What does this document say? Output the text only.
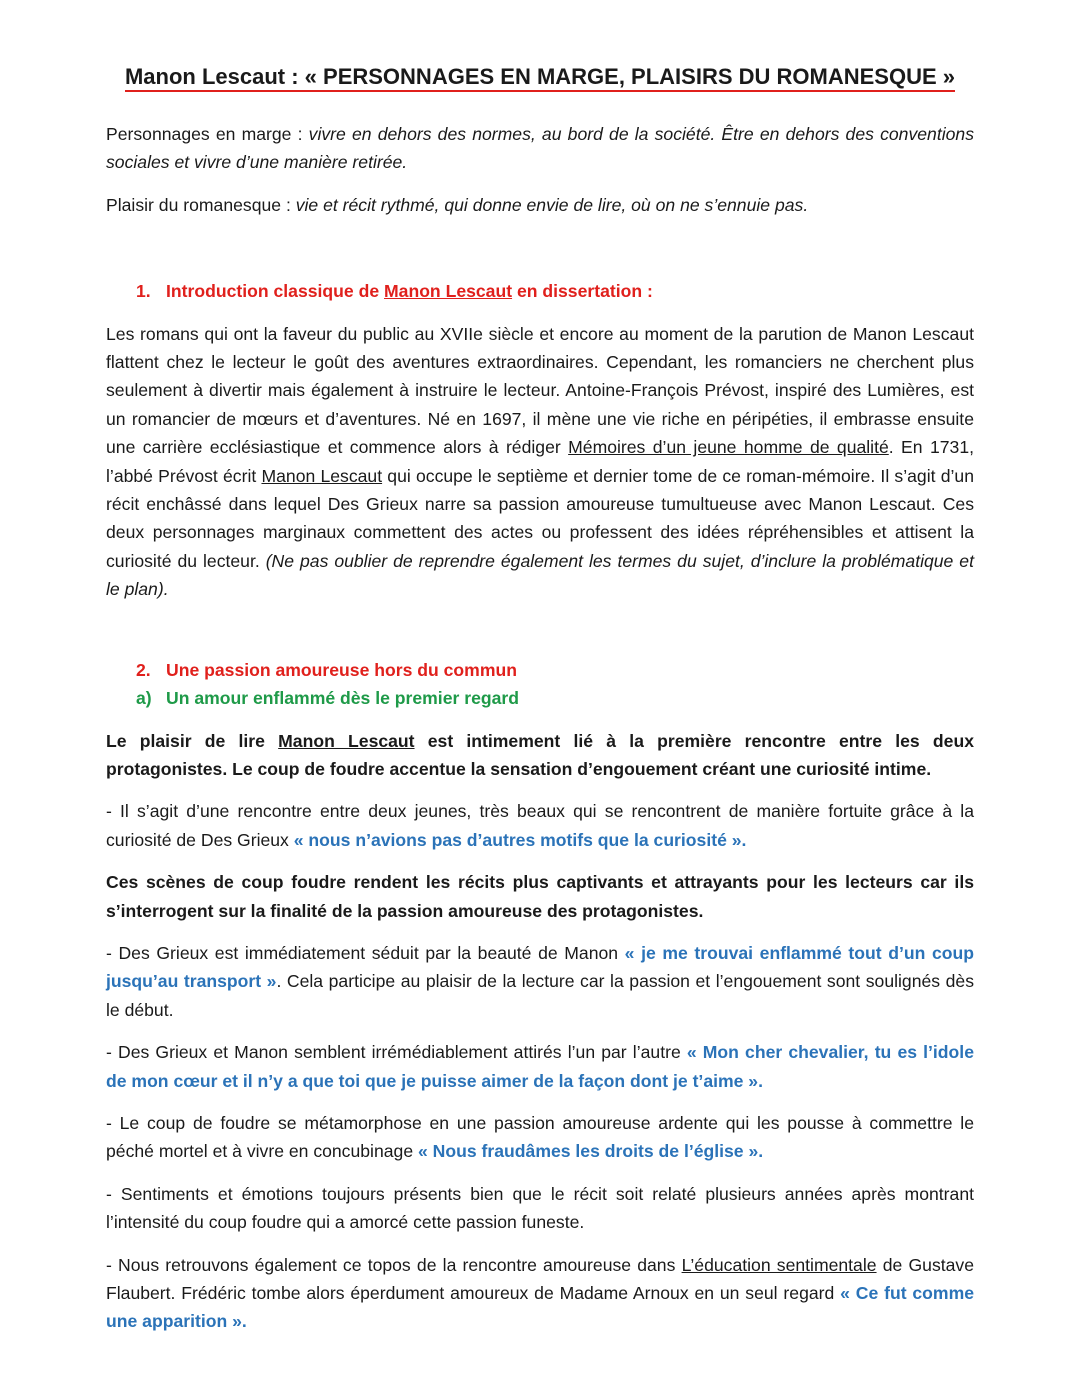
Manon Lescaut : « PERSONNAGES EN MARGE, PLAISIRS DU ROMANESQUE »

Personnages en marge : vivre en dehors des normes, au bord de la société. Être en dehors des conventions sociales et vivre d’une manière retirée.

Plaisir du romanesque : vie et récit rythmé, qui donne envie de lire, où on ne s’ennuie pas.

1. Introduction classique de Manon Lescaut en dissertation :

Les romans qui ont la faveur du public au XVIIe siècle et encore au moment de la parution de Manon Lescaut flattent chez le lecteur le goût des aventures extraordinaires. Cependant, les romanciers ne cherchent plus seulement à divertir mais également à instruire le lecteur. Antoine-François Prévost, inspiré des Lumières, est un romancier de mœurs et d’aventures. Né en 1697, il mène une vie riche en péripéties, il embrasse ensuite une carrière ecclésiastique et commence alors à rédiger Mémoires d’un jeune homme de qualité. En 1731, l’abbé Prévost écrit Manon Lescaut qui occupe le septième et dernier tome de ce roman-mémoire. Il s’agit d’un récit enchâssé dans lequel Des Grieux narre sa passion amoureuse tumultueuse avec Manon Lescaut. Ces deux personnages marginaux commettent des actes ou professent des idées répréhensibles et attisent la curiosité du lecteur. (Ne pas oublier de reprendre également les termes du sujet, d’inclure la problématique et le plan).

2. Une passion amoureuse hors du commun
a) Un amour enflammé dès le premier regard

Le plaisir de lire Manon Lescaut est intimement lié à la première rencontre entre les deux protagonistes. Le coup de foudre accentue la sensation d’engouement créant une curiosité intime.

- Il s’agit d’une rencontre entre deux jeunes, très beaux qui se rencontrent de manière fortuite grâce à la curiosité de Des Grieux « nous n’avions pas d’autres motifs que la curiosité ».

Ces scènes de coup foudre rendent les récits plus captivants et attrayants pour les lecteurs car ils s’interrogent sur la finalité de la passion amoureuse des protagonistes.

- Des Grieux est immédiatement séduit par la beauté de Manon « je me trouvai enflammé tout d’un coup jusqu’au transport ». Cela participe au plaisir de la lecture car la passion et l’engouement sont soulignés dès le début.

- Des Grieux et Manon semblent irrémédiablement attirés l’un par l’autre « Mon cher chevalier, tu es l’idole de mon cœur et il n’y a que toi que je puisse aimer de la façon dont je t’aime ».

- Le coup de foudre se métamorphose en une passion amoureuse ardente qui les pousse à commettre le péché mortel et à vivre en concubinage « Nous fraudâmes les droits de l’église ».

- Sentiments et émotions toujours présents bien que le récit soit relaté plusieurs années après montrant l’intensité du coup foudre qui a amorcé cette passion funeste.

- Nous retrouvons également ce topos de la rencontre amoureuse dans L’éducation sentimentale de Gustave Flaubert. Frédéric tombe alors éperdument amoureux de Madame Arnoux en un seul regard « Ce fut comme une apparition ».
